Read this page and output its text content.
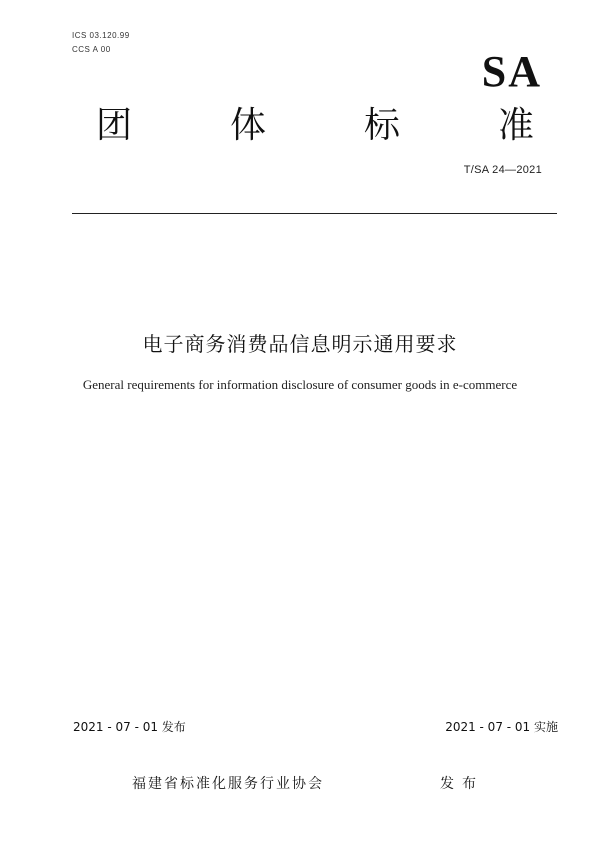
ICS 03.120.99
CCS A 00	SA
团	体	标	准
T/SA 24—2021
电子商务消费品信息明示通用要求
General requirements for information disclosure of consumer goods in e-commerce
2021 - 07 - 01 发布	2021 - 07 - 01 实施
福建省标准化服务行业协会	发布
